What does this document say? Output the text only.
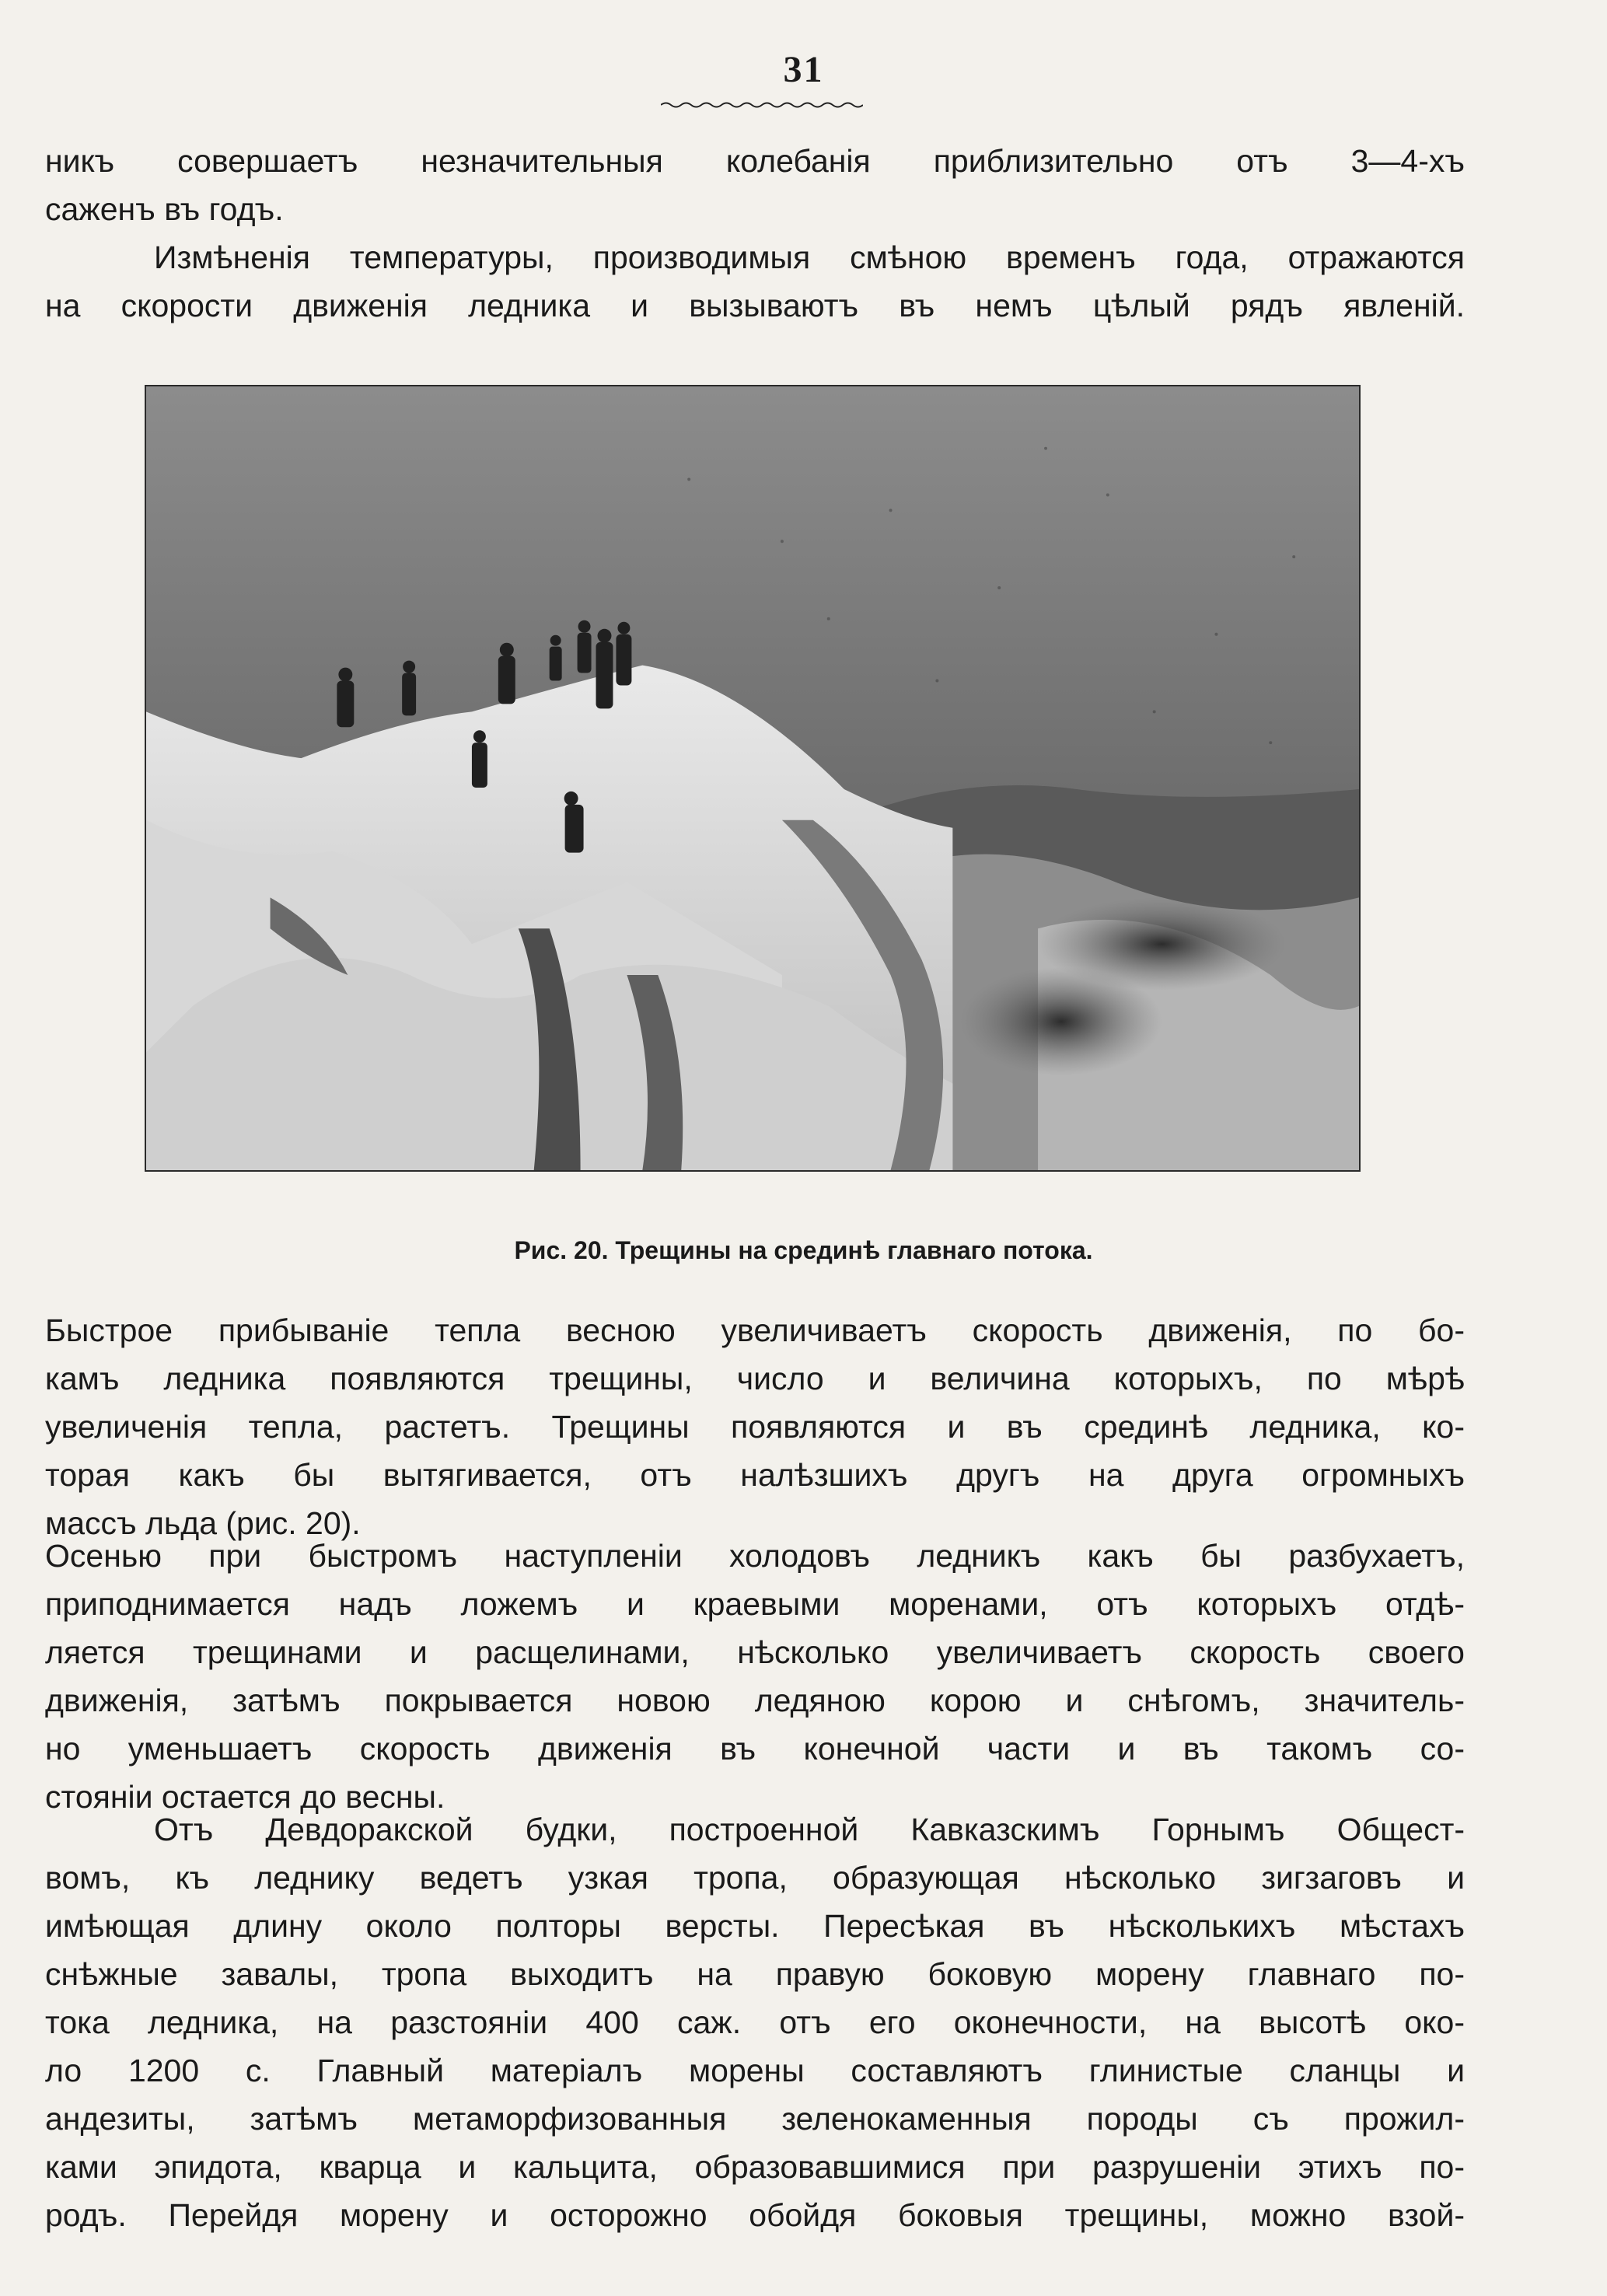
31
никъ совершаетъ незначительныя колебанія приблизительно отъ 3—4-хъ
саженъ въ годъ.
Измѣненія температуры, производимыя смѣною временъ года, отражаются
на скорости движенія ледника и вызываютъ въ немъ цѣлый рядъ явленій.
Рис. 20. Трещины на срединѣ главнаго потока.
Быстрое прибываніе тепла весною увеличиваетъ скорость движенія, по бо-
камъ ледника появляются трещины, число и величина которыхъ, по мѣрѣ
увеличенія тепла, растетъ. Трещины появляются и въ срединѣ ледника, ко-
торая какъ бы вытягивается, отъ налѣзшихъ другъ на друга огромныхъ
массъ льда (рис. 20).
Осенью при быстромъ наступленіи холодовъ ледникъ какъ бы разбухаетъ,
приподнимается надъ ложемъ и краевыми моренами, отъ которыхъ отдѣ-
ляется трещинами и расщелинами, нѣсколько увеличиваетъ скорость своего
движенія, затѣмъ покрывается новою ледяною корою и снѣгомъ, значитель-
но уменьшаетъ скорость движенія въ конечной части и въ такомъ со-
стояніи остается до весны.
Отъ Девдоракской будки, построенной Кавказскимъ Горнымъ Общест-
вомъ, къ леднику ведетъ узкая тропа, образующая нѣсколько зигзаговъ и
имѣющая длину около полторы версты. Пересѣкая въ нѣсколькихъ мѣстахъ
снѣжные завалы, тропа выходитъ на правую боковую морену главнаго по-
тока ледника, на разстояніи 400 саж. отъ его оконечности, на высотѣ око-
ло 1200 с. Главный матеріалъ морены составляютъ глинистые сланцы и
андезиты, затѣмъ метаморфизованныя зеленокаменныя породы съ прожил-
ками эпидота, кварца и кальцита, образовавшимися при разрушеніи этихъ по-
родъ. Перейдя морену и осторожно обойдя боковыя трещины, можно взой-
